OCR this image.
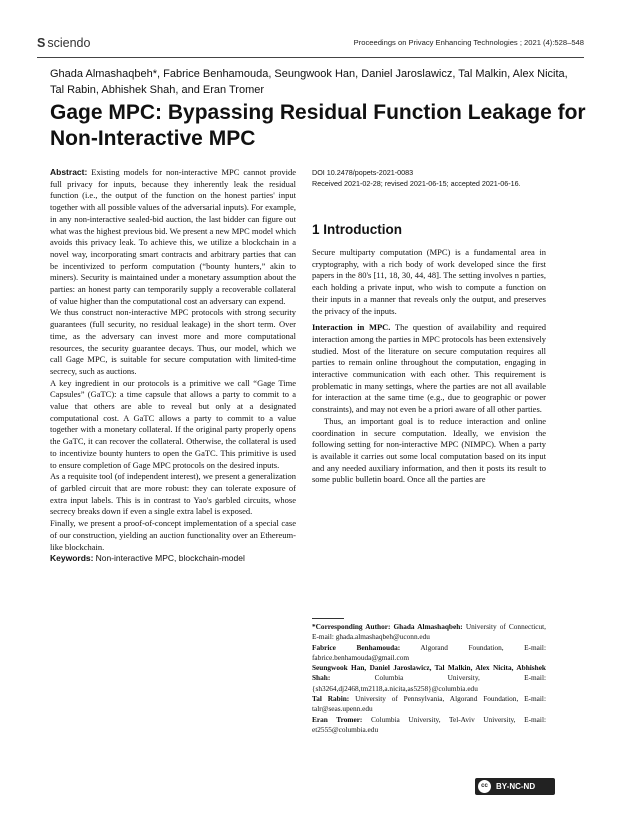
S sciendo	Proceedings on Privacy Enhancing Technologies ; 2021 (4):528–548
Ghada Almashaqbeh*, Fabrice Benhamouda, Seungwook Han, Daniel Jaroslawicz, Tal Malkin, Alex Nicita, Tal Rabin, Abhishek Shah, and Eran Tromer
Gage MPC: Bypassing Residual Function Leakage for Non-Interactive MPC

Abstract: Existing models for non-interactive MPC cannot provide full privacy for inputs, because they inherently leak the residual function (i.e., the output of the function on the honest parties' input together with all possible values of the adversarial inputs). For example, in any non-interactive sealed-bid auction, the last bidder can figure out what was the highest previous bid. We present a new MPC model which avoids this privacy leak. To achieve this, we utilize a blockchain in a novel way, incorporating smart contracts and arbitrary parties that can be incentivized to perform computation (“bounty hunters,” akin to miners). Security is maintained under a monetary assumption about the parties: an honest party can temporarily supply a recoverable collateral of value higher than the computational cost an adversary can expend.

We thus construct non-interactive MPC protocols with strong security guarantees (full security, no residual leakage) in the short term. Over time, as the adversary can invest more and more computational resources, the security guarantee decays. Thus, our model, which we call Gage MPC, is suitable for secure computation with limited-time secrecy, such as auctions.

A key ingredient in our protocols is a primitive we call “Gage Time Capsules” (GaTC): a time capsule that allows a party to commit to a value that others are able to reveal but only at a designated computational cost. A GaTC allows a party to commit to a value together with a monetary collateral. If the original party properly opens the GaTC, it can recover the collateral. Otherwise, the collateral is used to incentivize bounty hunters to open the GaTC. This primitive is used to ensure completion of Gage MPC protocols on the desired inputs.

As a requisite tool (of independent interest), we present a generalization of garbled circuit that are more robust: they can tolerate exposure of extra input labels. This is in contrast to Yao's garbled circuits, whose secrecy breaks down if even a single extra label is exposed.

Finally, we present a proof-of-concept implementation of a special case of our construction, yielding an auction functionality over an Ethereum-like blockchain.

Keywords: Non-interactive MPC, blockchain-model

DOI 10.2478/popets-2021-0083
Received 2021-02-28; revised 2021-06-15; accepted 2021-06-16.
1 Introduction

Secure multiparty computation (MPC) is a fundamental area in cryptography, with a rich body of work developed since the first papers in the 80's [11, 18, 30, 44, 48]. The setting involves n parties, each holding a private input, who wish to compute a function on their inputs in a manner that reveals only the output, and preserves the privacy of the inputs.

Interaction in MPC. The question of availability and required interaction among the parties in MPC protocols has been extensively studied. Most of the literature on secure computation requires all parties to remain online throughout the computation, engaging in interactive communication with each other. This requirement is problematic in many settings, where the parties are not all available for interaction at the same time (e.g., due to geographic or power constraints), and may not even be a priori aware of all other parties.

Thus, an important goal is to reduce interaction and online coordination in secure computation. Ideally, we envision the following setting for non-interactive MPC (NIMPC). When a party is available it carries out some local computation based on its input and any needed auxiliary information, and then it posts its result to some public bulletin board. Once all the parties are

*Corresponding Author: Ghada Almashaqbeh: University of Connecticut, E-mail: ghada.almashaqbeh@uconn.edu

Fabrice Benhamouda:	Algorand Foundation, E-mail: fabrice.benhamouda@gmail.com

Seungwook Han, Daniel Jaroslawicz, Tal Malkin, Alex Nicita, Abhishek Shah:	Columbia University, E-mail: {sh3264,dj2468,tm2118,a.nicita,as5258}@columbia.edu

Tal Rabin: University of Pennsylvania, Algorand Foundation, E-mail: talr@seas.upenn.edu

Eran Tromer: Columbia University, Tel-Aviv University, E-mail: et2555@columbia.edu

cc	BY-NC-ND
